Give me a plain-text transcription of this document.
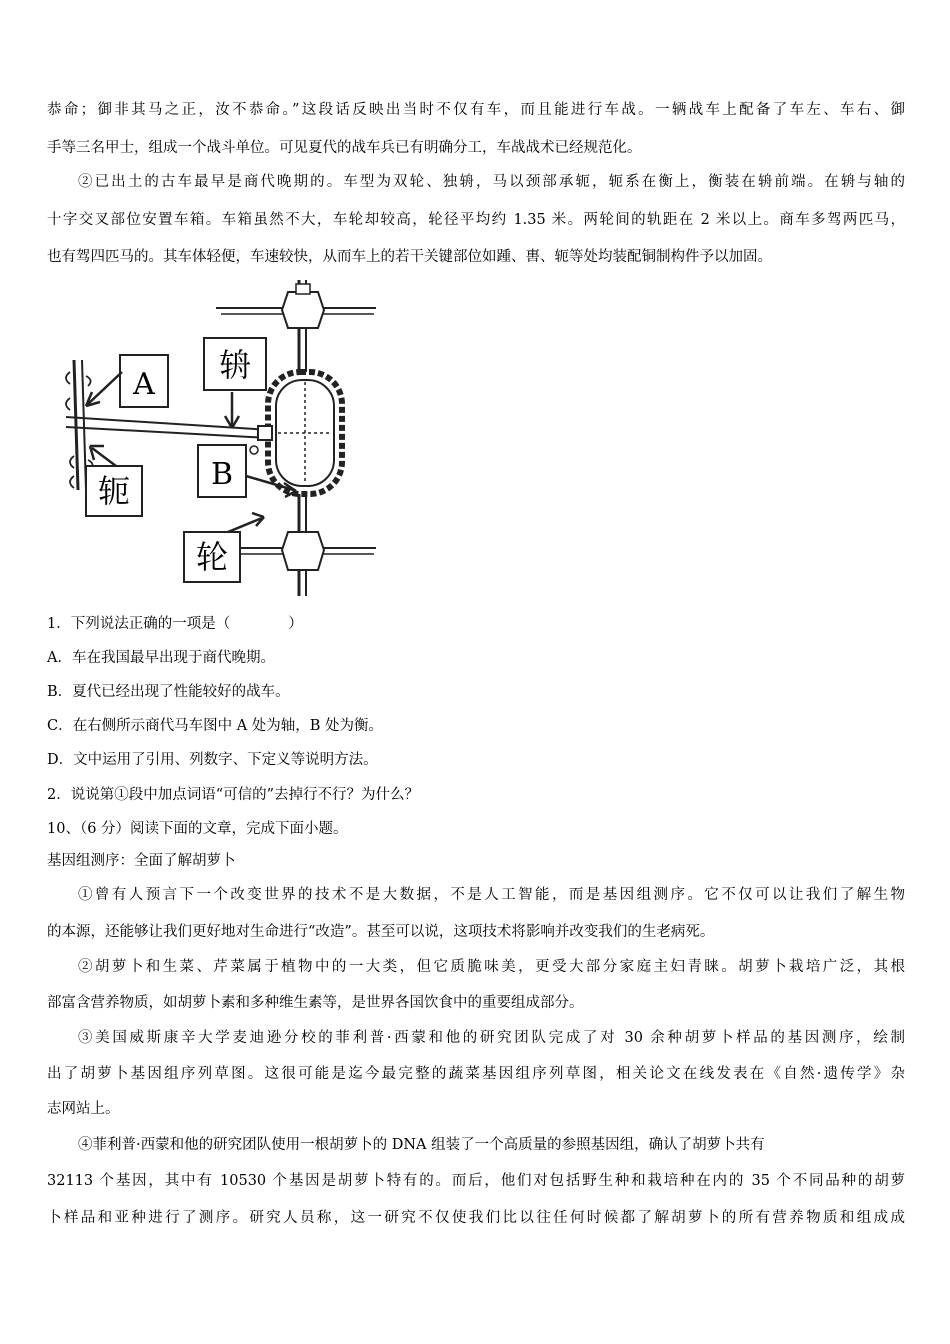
恭命；御非其马之正，汝不恭命。”这段话反映出当时不仅有车，而且能进行车战。一辆战车上配备了车左、车右、御
手等三名甲士，组成一个战斗单位。可见夏代的战车兵已有明确分工，车战战术已经规范化。
②已出土的古车最早是商代晚期的。车型为双轮、独辀，马以颈部承轭，轭系在衡上，衡装在辀前端。在辀与轴的
十字交叉部位安置车箱。车箱虽然不大，车轮却较高，轮径平均约 1.35 米。两轮间的轨距在 2 米以上。商车多驾两匹马，
也有驾四匹马的。其车体轻便，车速较快，从而车上的若干关键部位如踵、軎、轭等处均装配铜制构件予以加固。
A
辀
B
轭
轮
1．下列说法正确的一项是（　　　　）
A．车在我国最早出现于商代晚期。
B．夏代已经出现了性能较好的战车。
C．在右侧所示商代马车图中 A 处为轴，B 处为衡。
D．文中运用了引用、列数字、下定义等说明方法。
2．说说第①段中加点词语“可信的”去掉行不行？为什么？
10、（6 分）阅读下面的文章，完成下面小题。
基因组测序：全面了解胡萝卜
①曾有人预言下一个改变世界的技术不是大数据，不是人工智能，而是基因组测序。它不仅可以让我们了解生物
的本源，还能够让我们更好地对生命进行“改造”。甚至可以说，这项技术将影响并改变我们的生老病死。
②胡萝卜和生菜、芹菜属于植物中的一大类，但它质脆味美，更受大部分家庭主妇青睐。胡萝卜栽培广泛，其根
部富含营养物质，如胡萝卜素和多种维生素等，是世界各国饮食中的重要组成部分。
③美国威斯康辛大学麦迪逊分校的菲利普·西蒙和他的研究团队完成了对 30 余种胡萝卜样品的基因测序，绘制
出了胡萝卜基因组序列草图。这很可能是迄今最完整的蔬菜基因组序列草图，相关论文在线发表在《自然·遗传学》杂
志网站上。
④菲利普·西蒙和他的研究团队使用一根胡萝卜的 DNA 组装了一个高质量的参照基因组，确认了胡萝卜共有
32113 个基因，其中有 10530 个基因是胡萝卜特有的。而后，他们对包括野生种和栽培种在内的 35 个不同品种的胡萝
卜样品和亚种进行了测序。研究人员称，这一研究不仅使我们比以往任何时候都了解胡萝卜的所有营养物质和组成成
